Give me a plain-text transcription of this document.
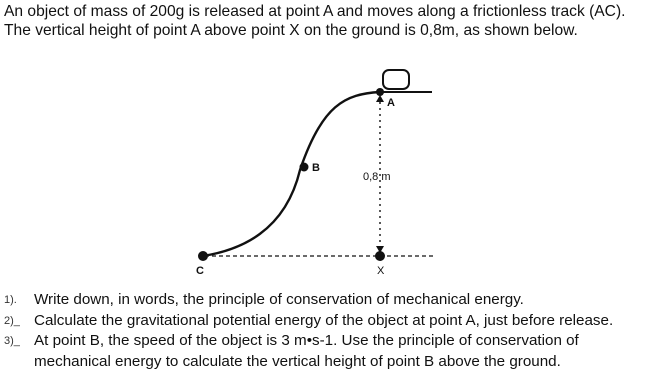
An object of mass of 200g is released at point A and moves along a frictionless track (AC).
The vertical height of point A above point X on the ground is 0,8m, as shown below.
A
B
C	X
0,8 m
1).	Write down, in words, the principle of conservation of mechanical energy.
2)_ Calculate the gravitational potential energy of the object at point A, just before release.
3)_ At point B, the speed of the object is 3 m•s-1. Use the principle of conservation of mechanical energy to calculate the vertical height of point B above the ground.
